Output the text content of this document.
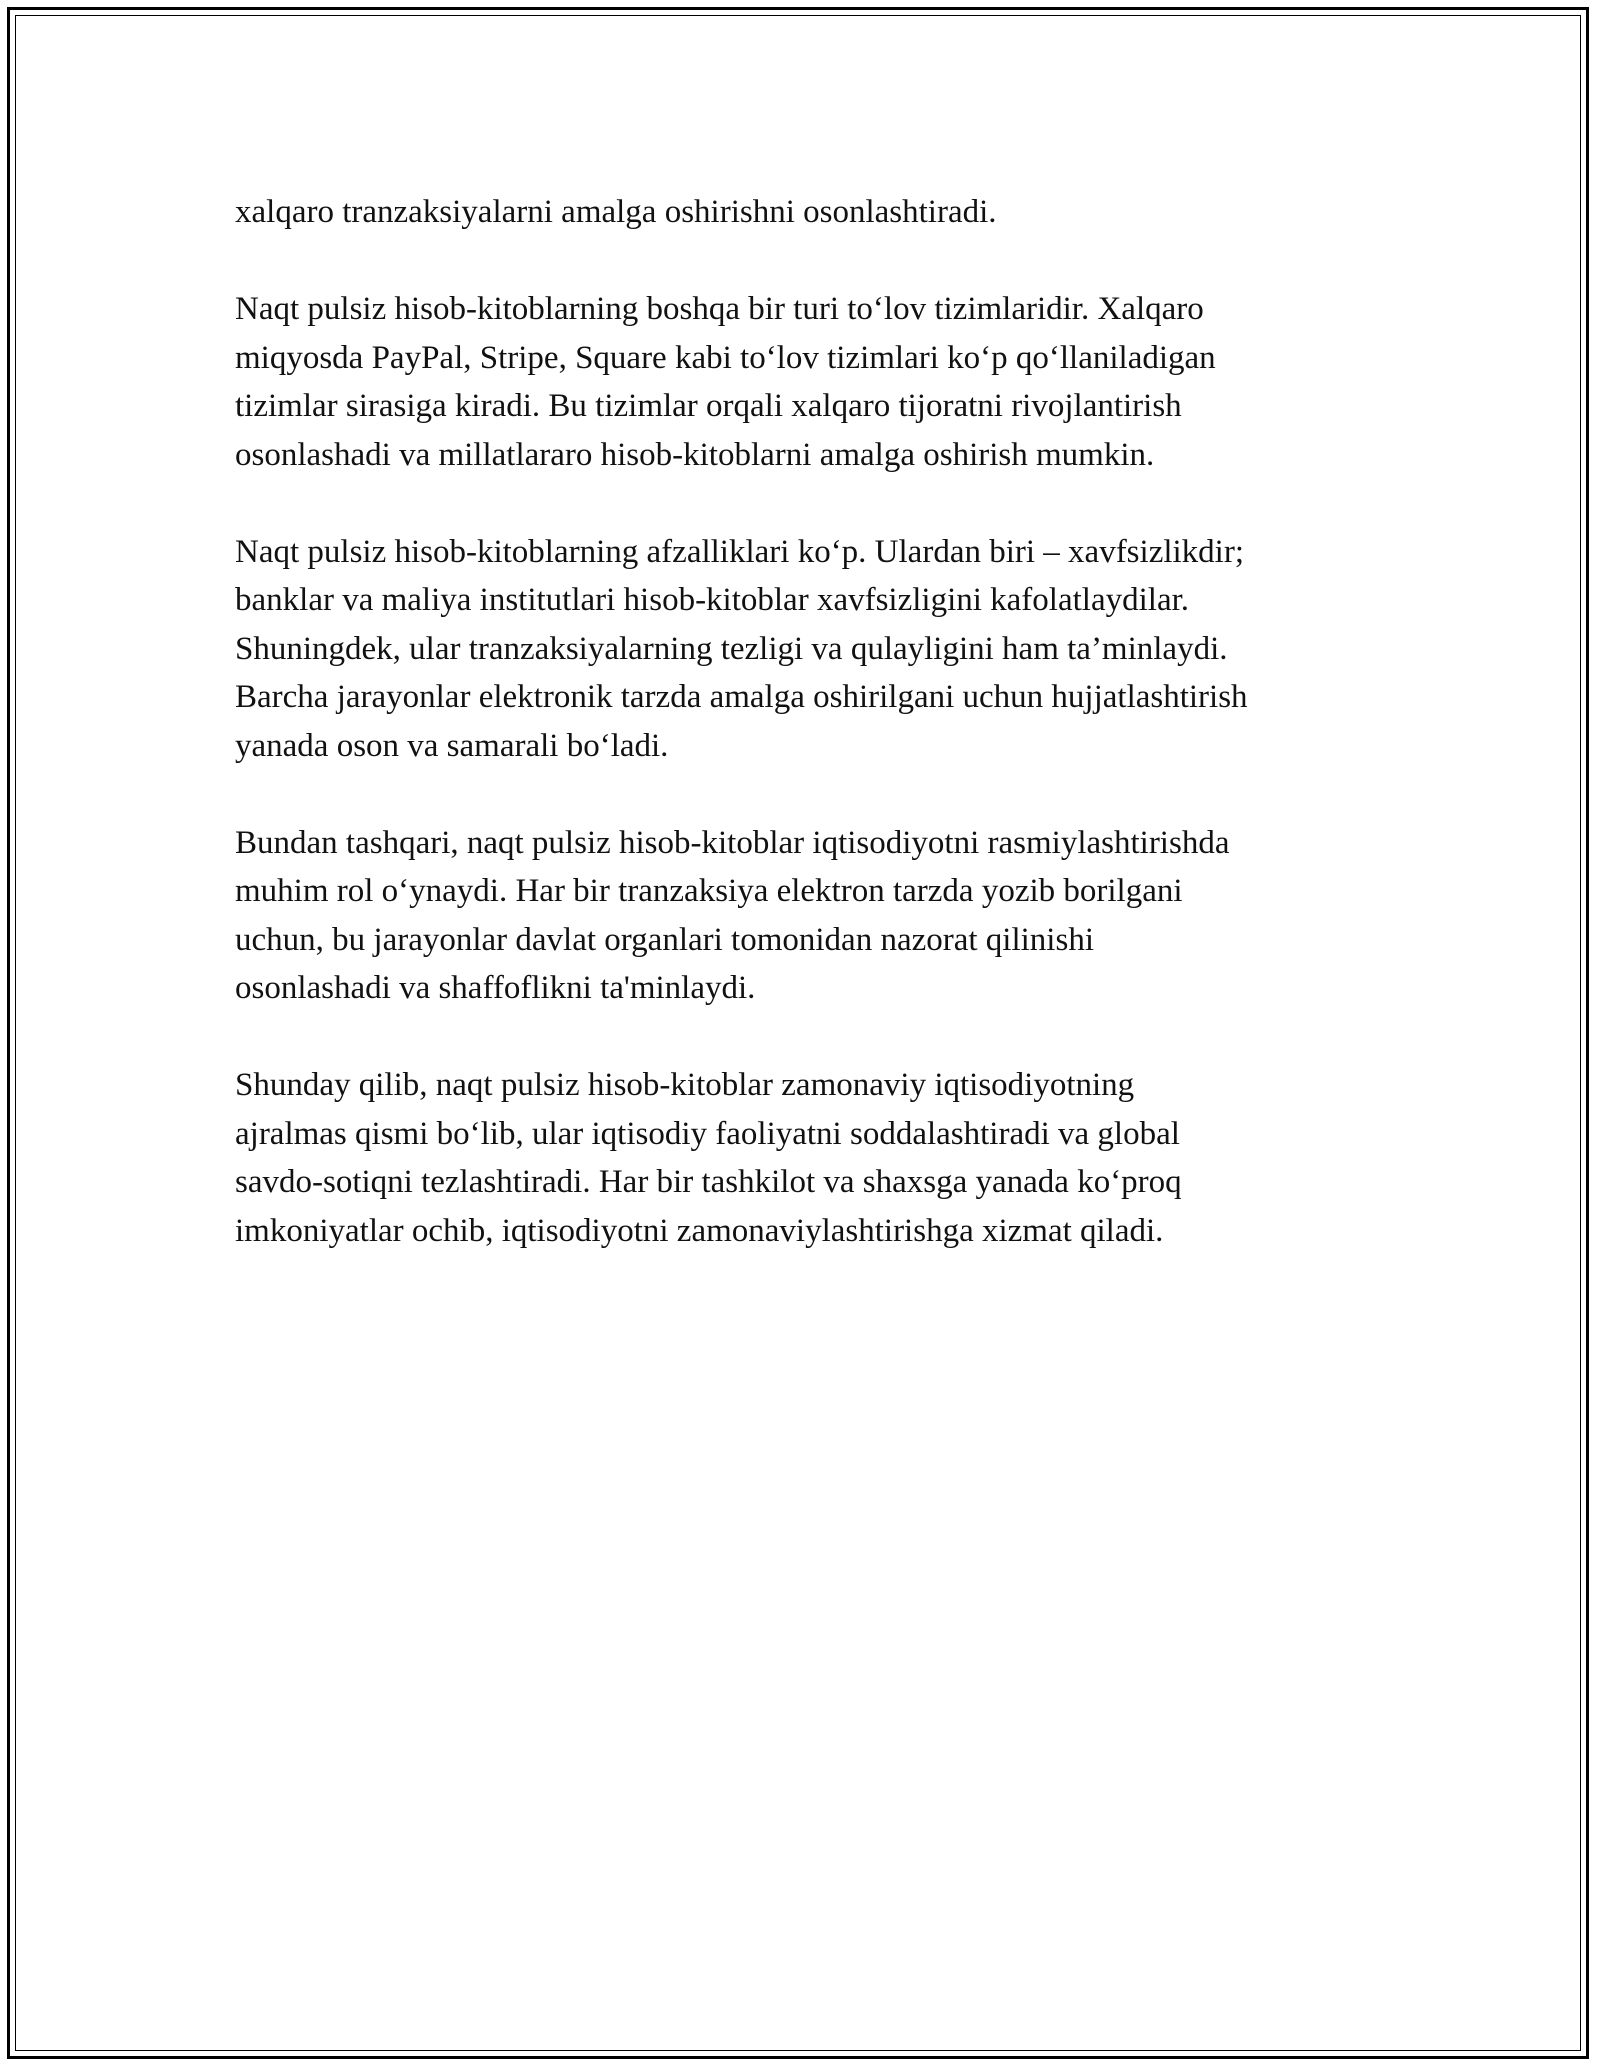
xalqaro tranzaksiyalarni amalga oshirishni osonlashtiradi.

Naqt pulsiz hisob-kitoblarning boshqa bir turi to‘lov tizimlaridir. Xalqaro
miqyosda PayPal, Stripe, Square kabi to‘lov tizimlari ko‘p qo‘llaniladigan
tizimlar sirasiga kiradi. Bu tizimlar orqali xalqaro tijoratni rivojlantirish
osonlashadi va millatlararo hisob-kitoblarni amalga oshirish mumkin.

Naqt pulsiz hisob-kitoblarning afzalliklari ko‘p. Ulardan biri – xavfsizlikdir;
banklar va maliya institutlari hisob-kitoblar xavfsizligini kafolatlaydilar.
Shuningdek, ular tranzaksiyalarning tezligi va qulayligini ham ta’minlaydi.
Barcha jarayonlar elektronik tarzda amalga oshirilgani uchun hujjatlashtirish
yanada oson va samarali bo‘ladi.

Bundan tashqari, naqt pulsiz hisob-kitoblar iqtisodiyotni rasmiylashtirishda
muhim rol o‘ynaydi. Har bir tranzaksiya elektron tarzda yozib borilgani
uchun, bu jarayonlar davlat organlari tomonidan nazorat qilinishi
osonlashadi va shaffoflikni ta'minlaydi.

Shunday qilib, naqt pulsiz hisob-kitoblar zamonaviy iqtisodiyotning
ajralmas qismi bo‘lib, ular iqtisodiy faoliyatni soddalashtiradi va global
savdo-sotiqni tezlashtiradi. Har bir tashkilot va shaxsga yanada ko‘proq
imkoniyatlar ochib, iqtisodiyotni zamonaviylashtirishga xizmat qiladi.
